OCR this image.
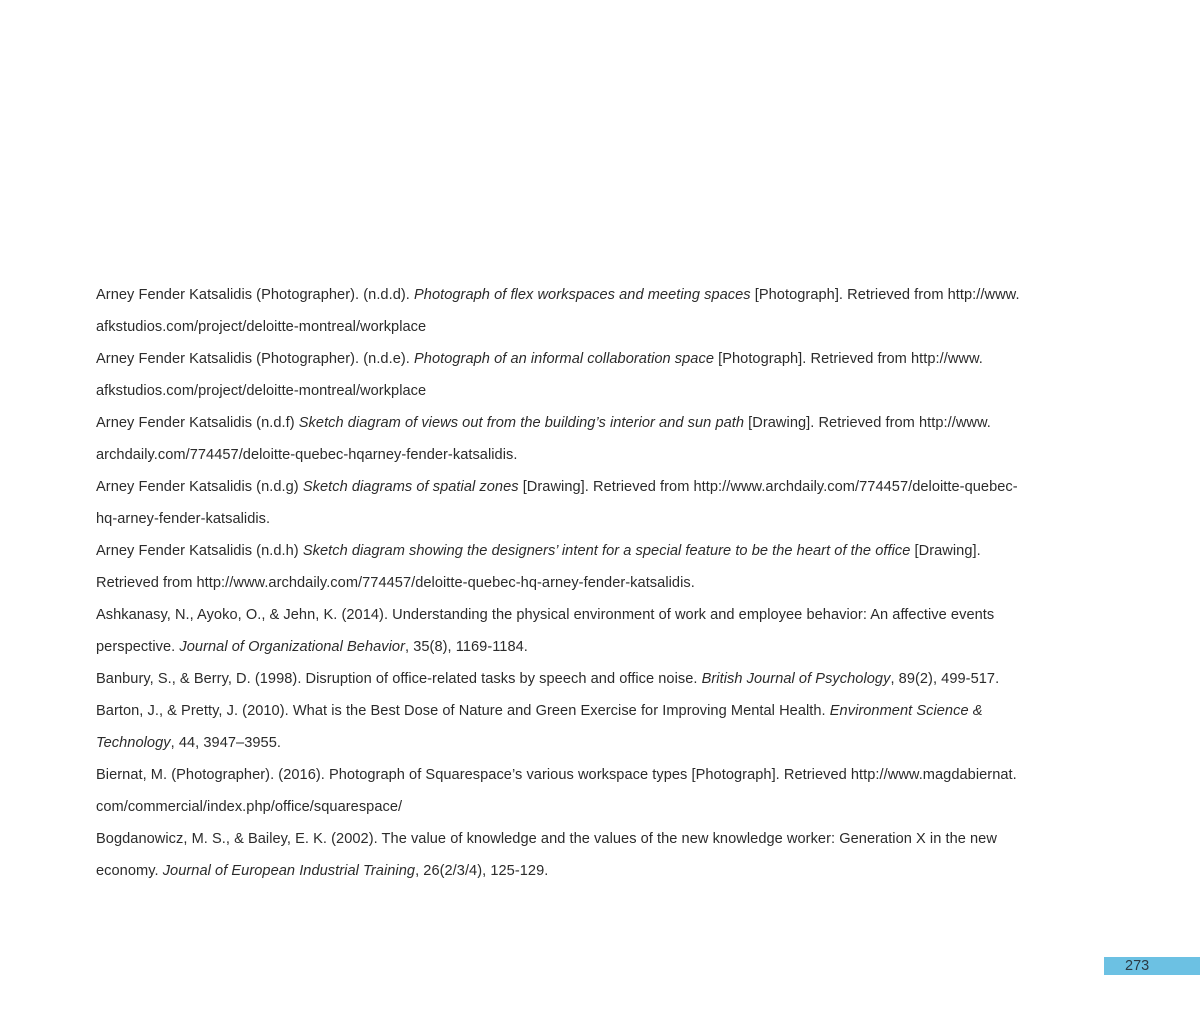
Arney Fender Katsalidis (Photographer). (n.d.d). Photograph of flex workspaces and meeting spaces [Photograph]. Retrieved from http://www.
afkstudios.com/project/deloitte-montreal/workplace
Arney Fender Katsalidis (Photographer). (n.d.e). Photograph of an informal collaboration space [Photograph]. Retrieved from http://www.
afkstudios.com/project/deloitte-montreal/workplace
Arney Fender Katsalidis (n.d.f) Sketch diagram of views out from the building’s interior and sun path [Drawing]. Retrieved from http://www.
archdaily.com/774457/deloitte-quebec-hqarney-fender-katsalidis.
Arney Fender Katsalidis (n.d.g) Sketch diagrams of spatial zones [Drawing]. Retrieved from http://www.archdaily.com/774457/deloitte-quebec-
hq-arney-fender-katsalidis.
Arney Fender Katsalidis (n.d.h) Sketch diagram showing the designers’ intent for a special feature to be the heart of the office [Drawing].
Retrieved from http://www.archdaily.com/774457/deloitte-quebec-hq-arney-fender-katsalidis.
Ashkanasy, N., Ayoko, O., & Jehn, K. (2014). Understanding the physical environment of work and employee behavior: An affective events
perspective. Journal of Organizational Behavior, 35(8), 1169-1184.
Banbury, S., & Berry, D. (1998). Disruption of office-related tasks by speech and office noise. British Journal of Psychology, 89(2), 499-517.
Barton, J., & Pretty, J. (2010). What is the Best Dose of Nature and Green Exercise for Improving Mental Health. Environment Science &
Technology, 44, 3947–3955.
Biernat, M. (Photographer). (2016). Photograph of Squarespace’s various workspace types [Photograph]. Retrieved http://www.magdabiernat.
com/commercial/index.php/office/squarespace/
Bogdanowicz, M. S., & Bailey, E. K. (2002). The value of knowledge and the values of the new knowledge worker: Generation X in the new
economy. Journal of European Industrial Training, 26(2/3/4), 125-129.
273
